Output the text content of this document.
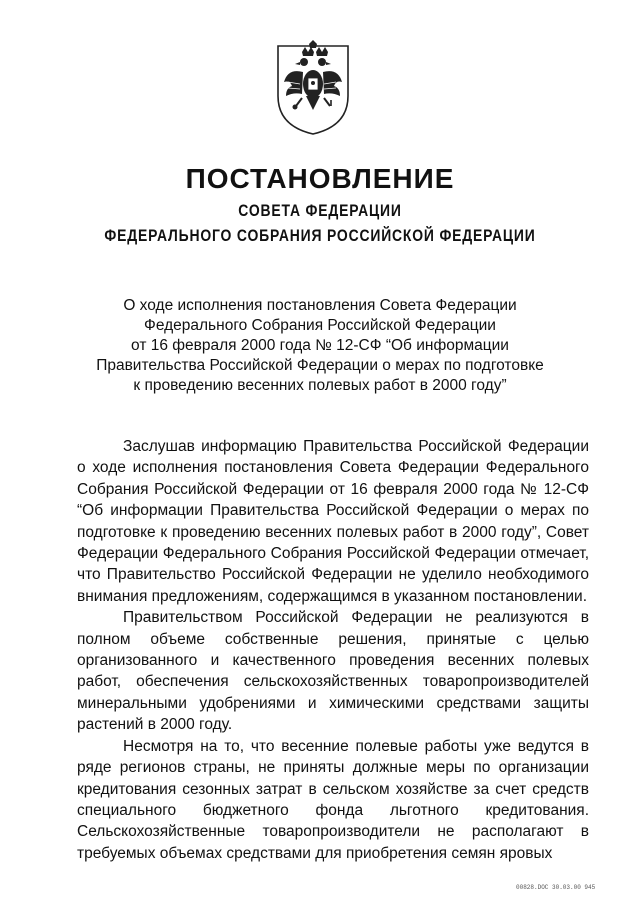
ПОСТАНОВЛЕНИЕ
СОВЕТА ФЕДЕРАЦИИ
ФЕДЕРАЛЬНОГО СОБРАНИЯ РОССИЙСКОЙ ФЕДЕРАЦИИ
О ходе исполнения постановления Совета Федерации
Федерального Собрания Российской Федерации
от 16 февраля 2000 года № 12-СФ “Об информации
Правительства Российской Федерации о мерах по подготовке
к проведению весенних полевых работ в 2000 году”

Заслушав информацию Правительства Российской Федерации о ходе исполнения постановления Совета Федерации Федерального Собрания Российской Федерации от 16 февраля 2000 года № 12-СФ “Об информации Правительства Российской Федерации о мерах по подготовке к проведению весенних полевых работ в 2000 году”, Совет Федерации Федерального Собрания Российской Федерации отмечает, что Правительство Российской Федерации не уделило необходимого внимания предложениям, содержащимся в указанном постановлении.

Правительством Российской Федерации не реализуются в полном объеме собственные решения, принятые с целью организованного и качественного проведения весенних полевых работ, обеспечения сельскохозяйственных товаропроизводителей минеральными удобрениями и химическими средствами защиты растений в 2000 году.

Несмотря на то, что весенние полевые работы уже ведутся в ряде регионов страны, не приняты должные меры по организации кредитования сезонных затрат в сельском хозяйстве за счет средств специального бюджетного фонда льготного кредитования. Сельскохозяйственные товаропроизводители не располагают в требуемых объемах средствами для приобретения семян яровых

00828.DOC 30.03.00 945
